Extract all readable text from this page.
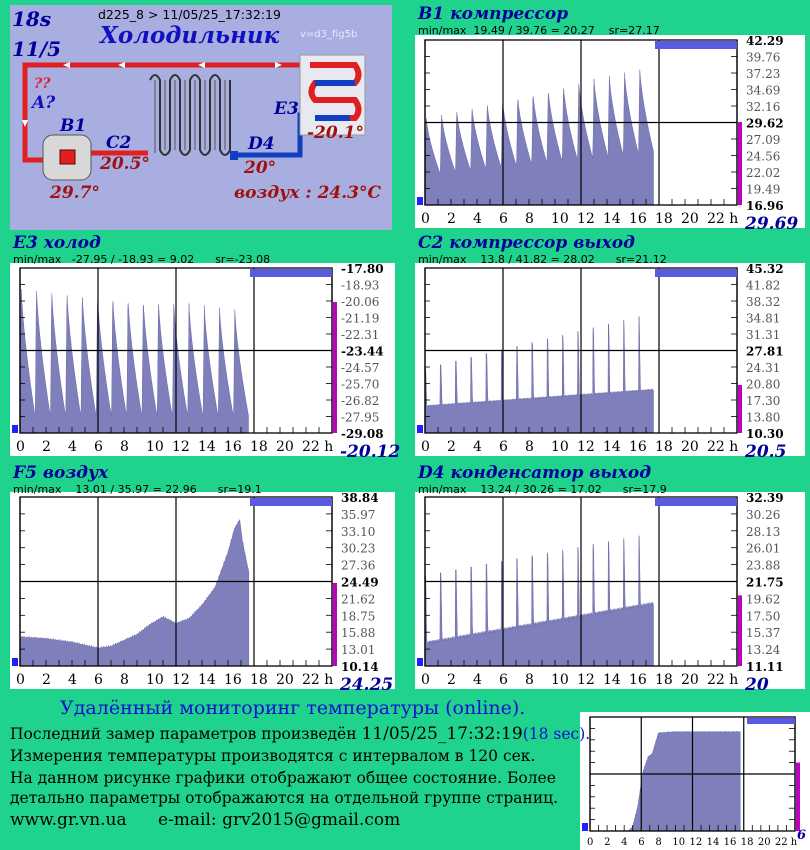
18s
11/5
d225_8 > 11/05/25_17:32:19
Холодильник v=d3_fig5b
??
A?
B1
C2	D4
E3
29.7°
20.5°	20°
-20.1°
воздух : 24.3°C
0 2 4 6 8 10 12 14 16 18 20 22 h
42.29
39.76
37.23
34.69
32.16
29.62
27.09
24.56
22.02
19.49
16.96
B1 компрессор
min/max  19.49 / 39.76 = 20.27    sr=27.17
29.69
0 2 4 6 8 10 12 14 16 18 20 22 h
-17.80
-18.93
-20.06
-21.19
-22.31
-23.44
-24.57
-25.70
-26.82
-27.95
-29.08
E3 холод
min/max   -27.95 / -18.93 = 9.02      sr=-23.08
-20.12 0 2 4 6 8 10 12 14 16 18 20 22 h
45.32
41.82
38.32
34.81
31.31
27.81
24.31
20.80
17.30
13.80
10.30
C2 компрессор выход
min/max    13.8 / 41.82 = 28.02      sr=21.12
20.5
0 2 4 6 8 10 12 14 16 18 20 22 h
38.84
35.97
33.10
30.23
27.36
24.49
21.62
18.75
15.88
13.01
10.14
F5 воздух
min/max    13.01 / 35.97 = 22.96      sr=19.1
24.25 0 2 4 6 8 10 12 14 16 18 20 22 h
32.39
30.26
28.13
26.01
23.88
21.75
19.62
17.50
15.37
13.24
11.11
D4 конденсатор выход
min/max    13.24 / 30.26 = 17.02      sr=17.9
20
0 2 4 6 8 10 12 14 16 18 20 22 h 6
Удалённый мониторинг температуры (online).
Последний замер параметров произведён 11/05/25_17:32:19(18 sec).
Измерения температуры производятся с интервалом в 120 сек.
На данном рисунке графики отображают общее состояние. Более
детально параметры отображаются на отдельной группе страниц.
www.gr.vn.ua e-mail: grv2015@gmail.com
